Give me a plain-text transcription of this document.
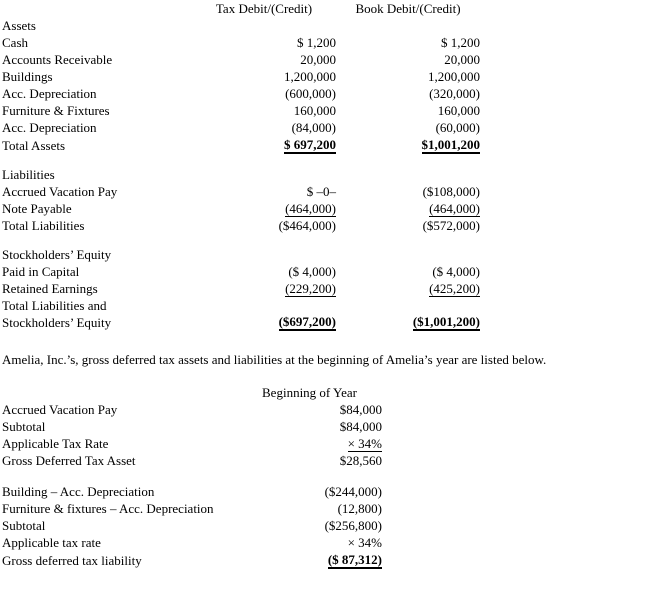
	Tax Debit/(Credit)	Book Debit/(Credit)
Assets		
Cash	$ 1,200	$ 1,200
Accounts Receivable	20,000	20,000
Buildings	1,200,000	1,200,000
Acc. Depreciation	(600,000)	(320,000)
Furniture & Fixtures	160,000	160,000
Acc. Depreciation	(84,000)	(60,000)
Total Assets	$ 697,200	$1,001,200

Liabilities		
Accrued Vacation Pay	$ –0–	($108,000)
Note Payable	(464,000)	(464,000)
Total Liabilities	($464,000)	($572,000)

Stockholders’ Equity		
Paid in Capital	($ 4,000)	($ 4,000)
Retained Earnings	(229,200)	(425,200)

Total Liabilities and
Stockholders’ Equity	($697,200)	($1,001,200)

Amelia, Inc.’s, gross deferred tax assets and liabilities at the beginning of Amelia’s year are listed below.

	Beginning of Year
Accrued Vacation Pay	$84,000
Subtotal	$84,000
Applicable Tax Rate	× 34%
Gross Deferred Tax Asset	$28,560
Building – Acc. Depreciation	($244,000)
Furniture & fixtures – Acc. Depreciation	(12,800)
Subtotal	($256,800)
Applicable tax rate	× 34%
Gross deferred tax liability	($ 87,312)
